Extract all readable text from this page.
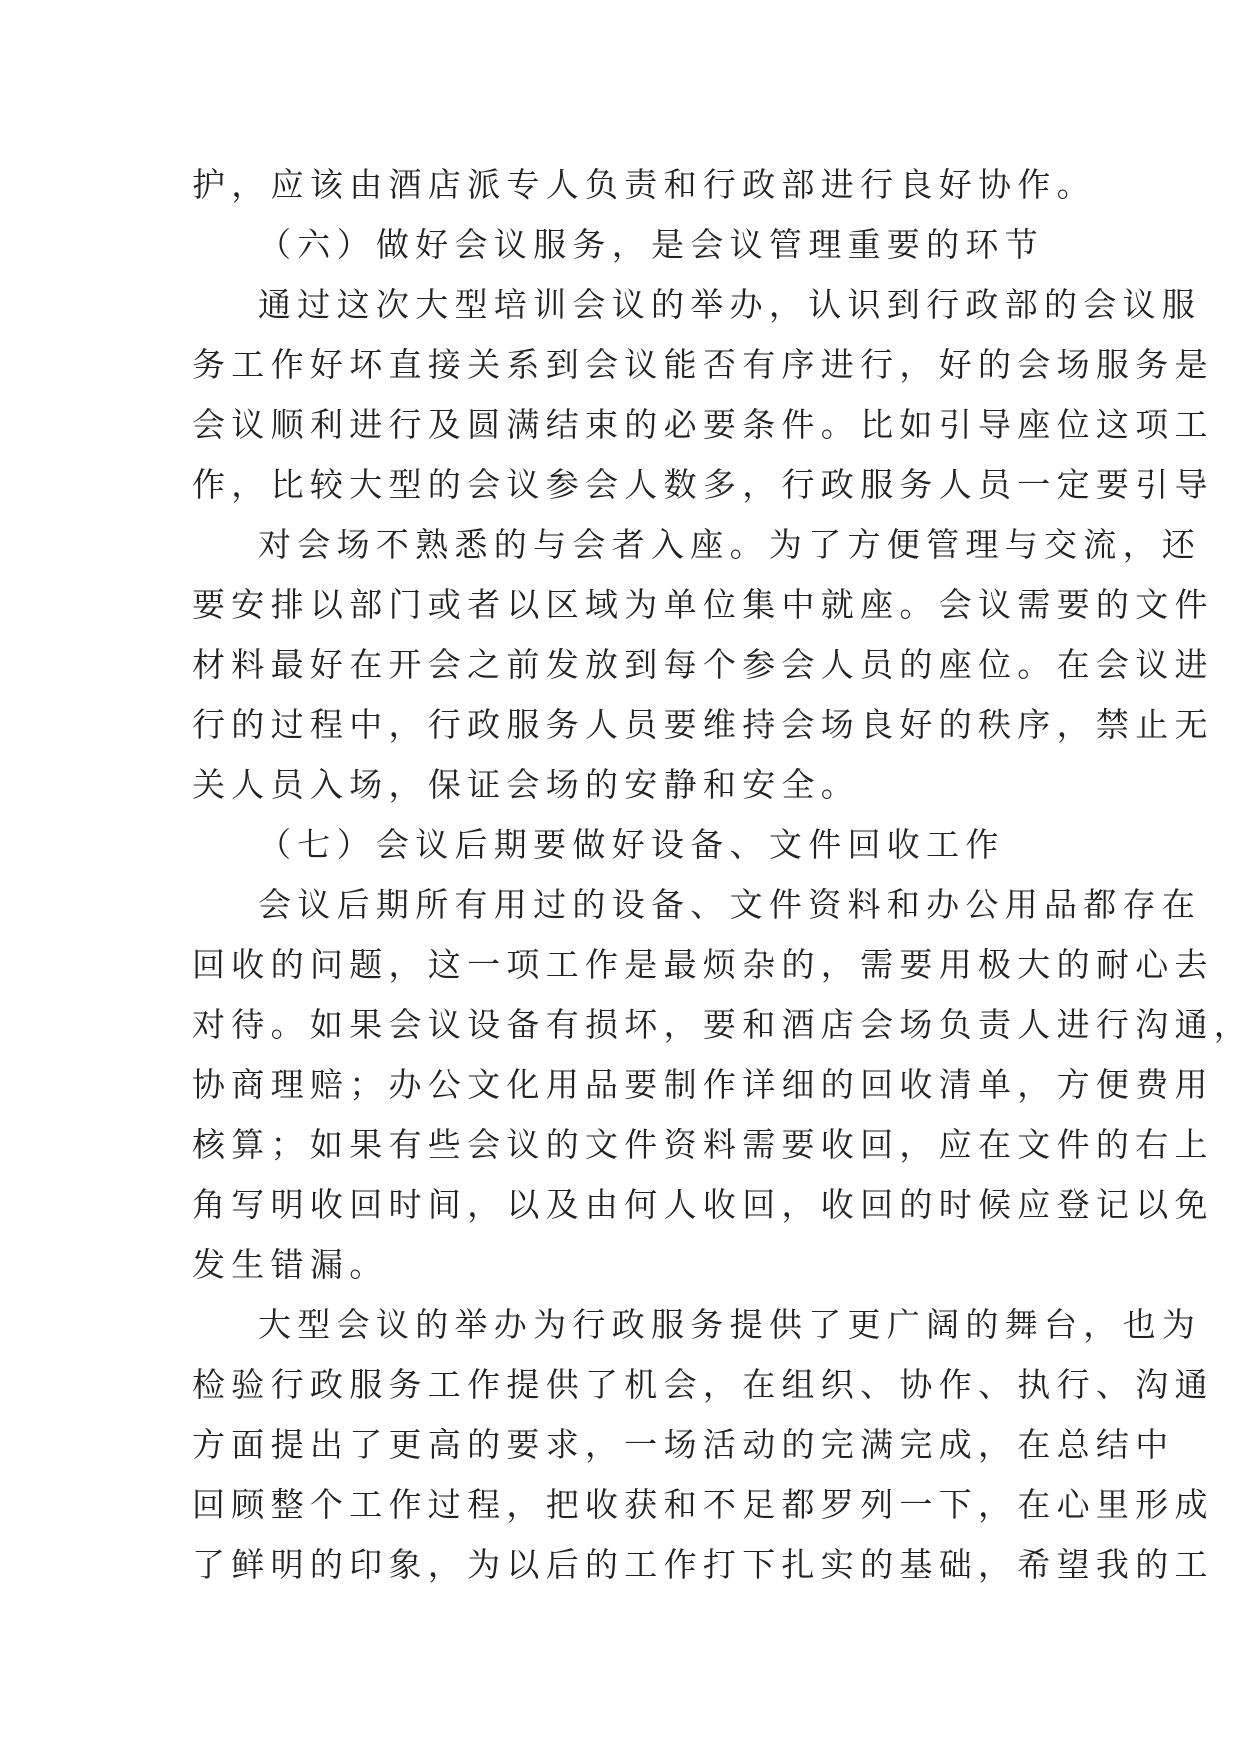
护，应该由酒店派专人负责和行政部进行良好协作。
（六）做好会议服务，是会议管理重要的环节
通过这次大型培训会议的举办，认识到行政部的会议服
务工作好坏直接关系到会议能否有序进行，好的会场服务是
会议顺利进行及圆满结束的必要条件。比如引导座位这项工
作，比较大型的会议参会人数多，行政服务人员一定要引导
对会场不熟悉的与会者入座。为了方便管理与交流，还
要安排以部门或者以区域为单位集中就座。会议需要的文件
材料最好在开会之前发放到每个参会人员的座位。在会议进
行的过程中，行政服务人员要维持会场良好的秩序，禁止无
关人员入场，保证会场的安静和安全。
（七）会议后期要做好设备、文件回收工作
会议后期所有用过的设备、文件资料和办公用品都存在
回收的问题，这一项工作是最烦杂的，需要用极大的耐心去
对待。如果会议设备有损坏，要和酒店会场负责人进行沟通，
协商理赔；办公文化用品要制作详细的回收清单，方便费用
核算；如果有些会议的文件资料需要收回，应在文件的右上
角写明收回时间，以及由何人收回，收回的时候应登记以免
发生错漏。
大型会议的举办为行政服务提供了更广阔的舞台，也为
检验行政服务工作提供了机会，在组织、协作、执行、沟通
方面提出了更高的要求，一场活动的完满完成，在总结中
回顾整个工作过程，把收获和不足都罗列一下，在心里形成
了鲜明的印象，为以后的工作打下扎实的基础，希望我的工
